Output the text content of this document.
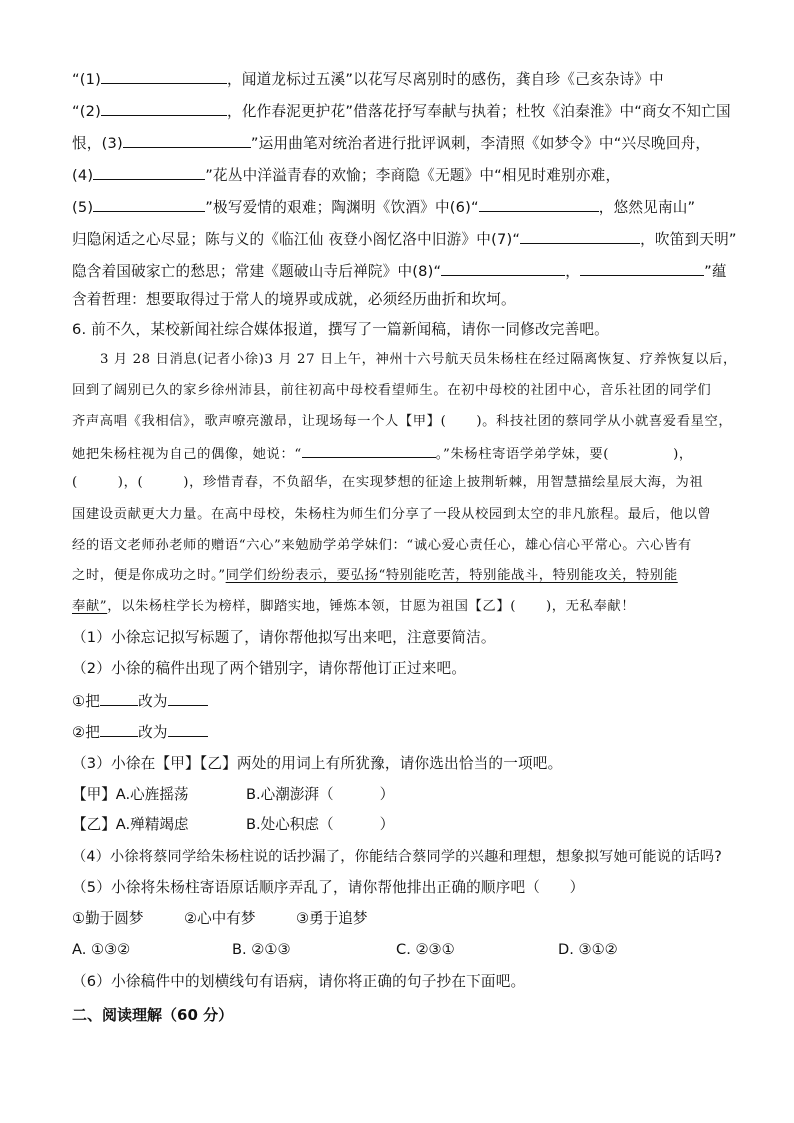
“(1)	，闻道龙标过五溪”以花写尽离别时的感伤，龚自珍《己亥杂诗》中
“(2)	，化作春泥更护花”借落花抒写奉献与执着；杜牧《泊秦淮》中“商女不知亡国
恨，(3)	”运用曲笔对统治者进行批评讽刺，李清照《如梦令》中“兴尽晚回舟，
(4)	”花丛中洋溢青春的欢愉；李商隐《无题》中“相见时难别亦难，
(5)	”极写爱情的艰难；陶渊明《饮酒》中(6)“	，悠然见南山”
归隐闲适之心尽显；陈与义的《临江仙 夜登小阁忆洛中旧游》中(7)“	，吹笛到天明”
隐含着国破家亡的愁思；常建《题破山寺后禅院》中(8)“	，	”蕴
含着哲理：想要取得过于常人的境界或成就，必须经历曲折和坎坷。
6. 前不久，某校新闻社综合媒体报道，撰写了一篇新闻稿，请你一同修改完善吧。
3 月 28 日消息(记者小徐)3 月 27 日上午，神州十六号航天员朱杨柱在经过隔离恢复、疗养恢复以后，
回到了阔别已久的家乡徐州沛县，前往初高中母校看望师生。在初中母校的社团中心，音乐社团的同学们
齐声高唱《我相信》，歌声嘹亮激昂，让现场每一个人【甲】( )。科技社团的蔡同学从小就喜爱看星空，
她把朱杨柱视为自己的偶像，她说：“	。”朱杨柱寄语学弟学妹，要(	)，
(	)，(	)，珍惜青春，不负韶华，在实现梦想的征途上披荆斩棘，用智慧描绘星辰大海，为祖
国建设贡献更大力量。在高中母校，朱杨柱为师生们分享了一段从校园到太空的非凡旅程。最后，他以曾
经的语文老师孙老师的赠语“六心”来勉励学弟学妹们：“诚心爱心责任心，雄心信心平常心。六心皆有
之时，便是你成功之时。”同学们纷纷表示，要弘扬“特别能吃苦，特别能战斗，特别能攻关，特别能
奉献”，以朱杨柱学长为榜样，脚踏实地，锤炼本领，甘愿为祖国【乙】( )，无私奉献！
（1）小徐忘记拟写标题了，请你帮他拟写出来吧，注意要简洁。
（2）小徐的稿件出现了两个错别字，请你帮他订正过来吧。
①把	改为
②把	改为
（3）小徐在【甲】【乙】两处的用词上有所犹豫，请你选出恰当的一项吧。
【甲】A.心旌摇荡	B.心潮澎湃（	）
【乙】A.殚精竭虑	B.处心积虑（	）
（4）小徐将蔡同学给朱杨柱说的话抄漏了，你能结合蔡同学的兴趣和理想，想象拟写她可能说的话吗?
（5）小徐将朱杨柱寄语原话顺序弄乱了，请你帮他排出正确的顺序吧（　　）
①勤于圆梦	②心中有梦	③勇于追梦
A. ①③②	B. ②①③	C. ②③①	D. ③①②
（6）小徐稿件中的划横线句有语病，请你将正确的句子抄在下面吧。
二、阅读理解（60 分）
